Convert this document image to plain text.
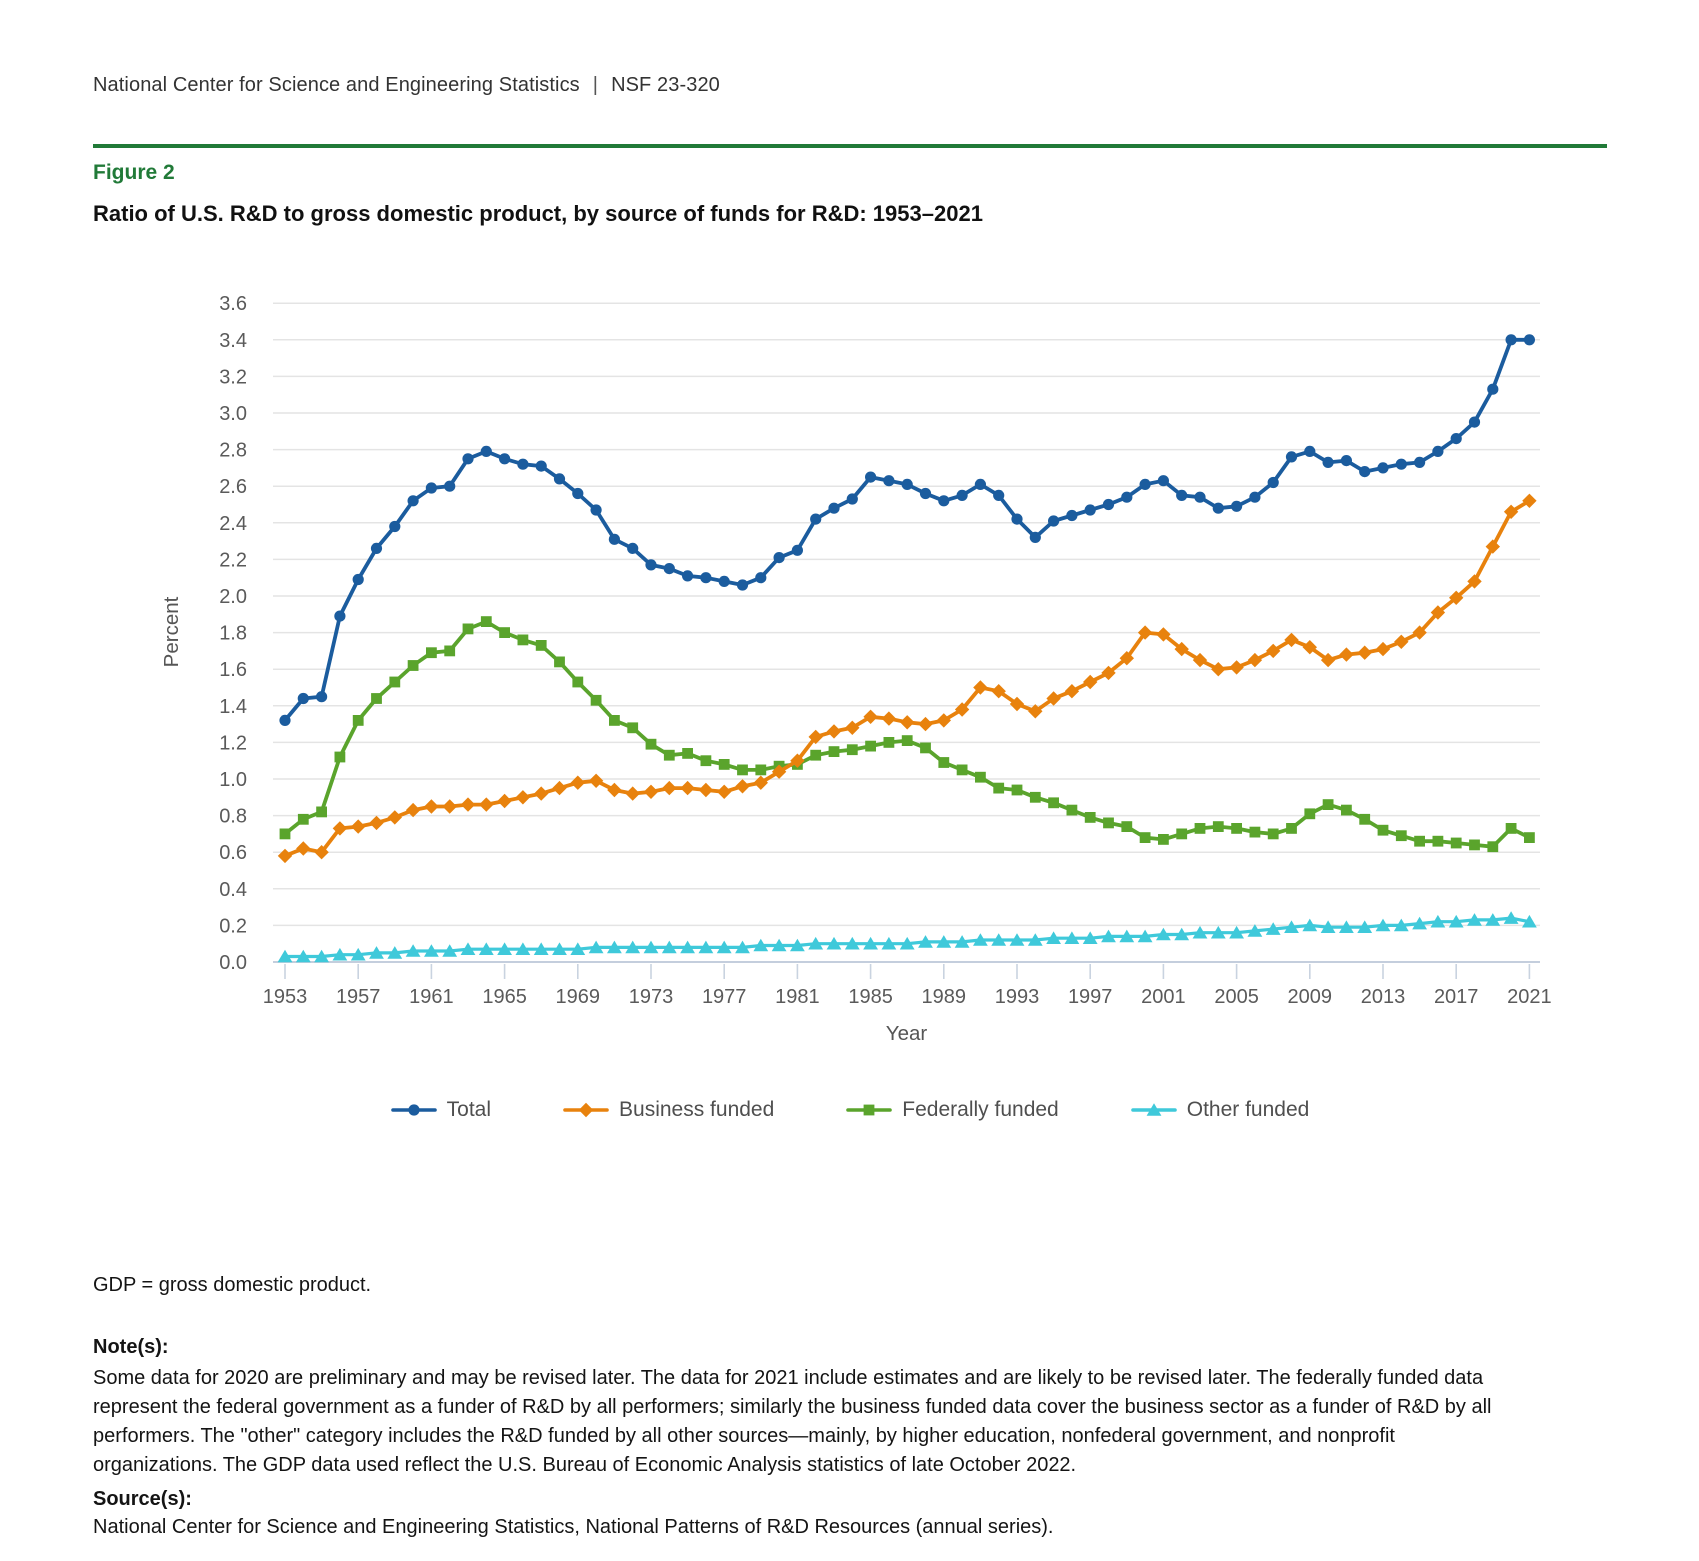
National Center for Science and Engineering Statistics | NSF 23-320
Figure 2
Ratio of U.S. R&D to gross domestic product, by source of funds for R&D: 1953–2021
0.0
0.2
0.4
0.6
0.8
1.0
1.2
1.4
1.6
1.8
2.0
2.2
2.4
2.6
2.8
3.0
3.2
3.4
3.6
1953 1957 1961 1965 1969 1973 1977 1981 1985 1989 1993 1997 2001 2005 2009 2013 2017 2021
Percent
Year
Total	Business funded	Federally funded	Other funded
GDP = gross domestic product.
Note(s):
Some data for 2020 are preliminary and may be revised later. The data for 2021 include estimates and are likely to be revised later. The federally funded data represent the federal government as a funder of R&D by all performers; similarly the business funded data cover the business sector as a funder of R&D by all performers. The "other" category includes the R&D funded by all other sources—mainly, by higher education, nonfederal government, and nonprofit organizations. The GDP data used reflect the U.S. Bureau of Economic Analysis statistics of late October 2022.
Source(s):
National Center for Science and Engineering Statistics, National Patterns of R&D Resources (annual series).
